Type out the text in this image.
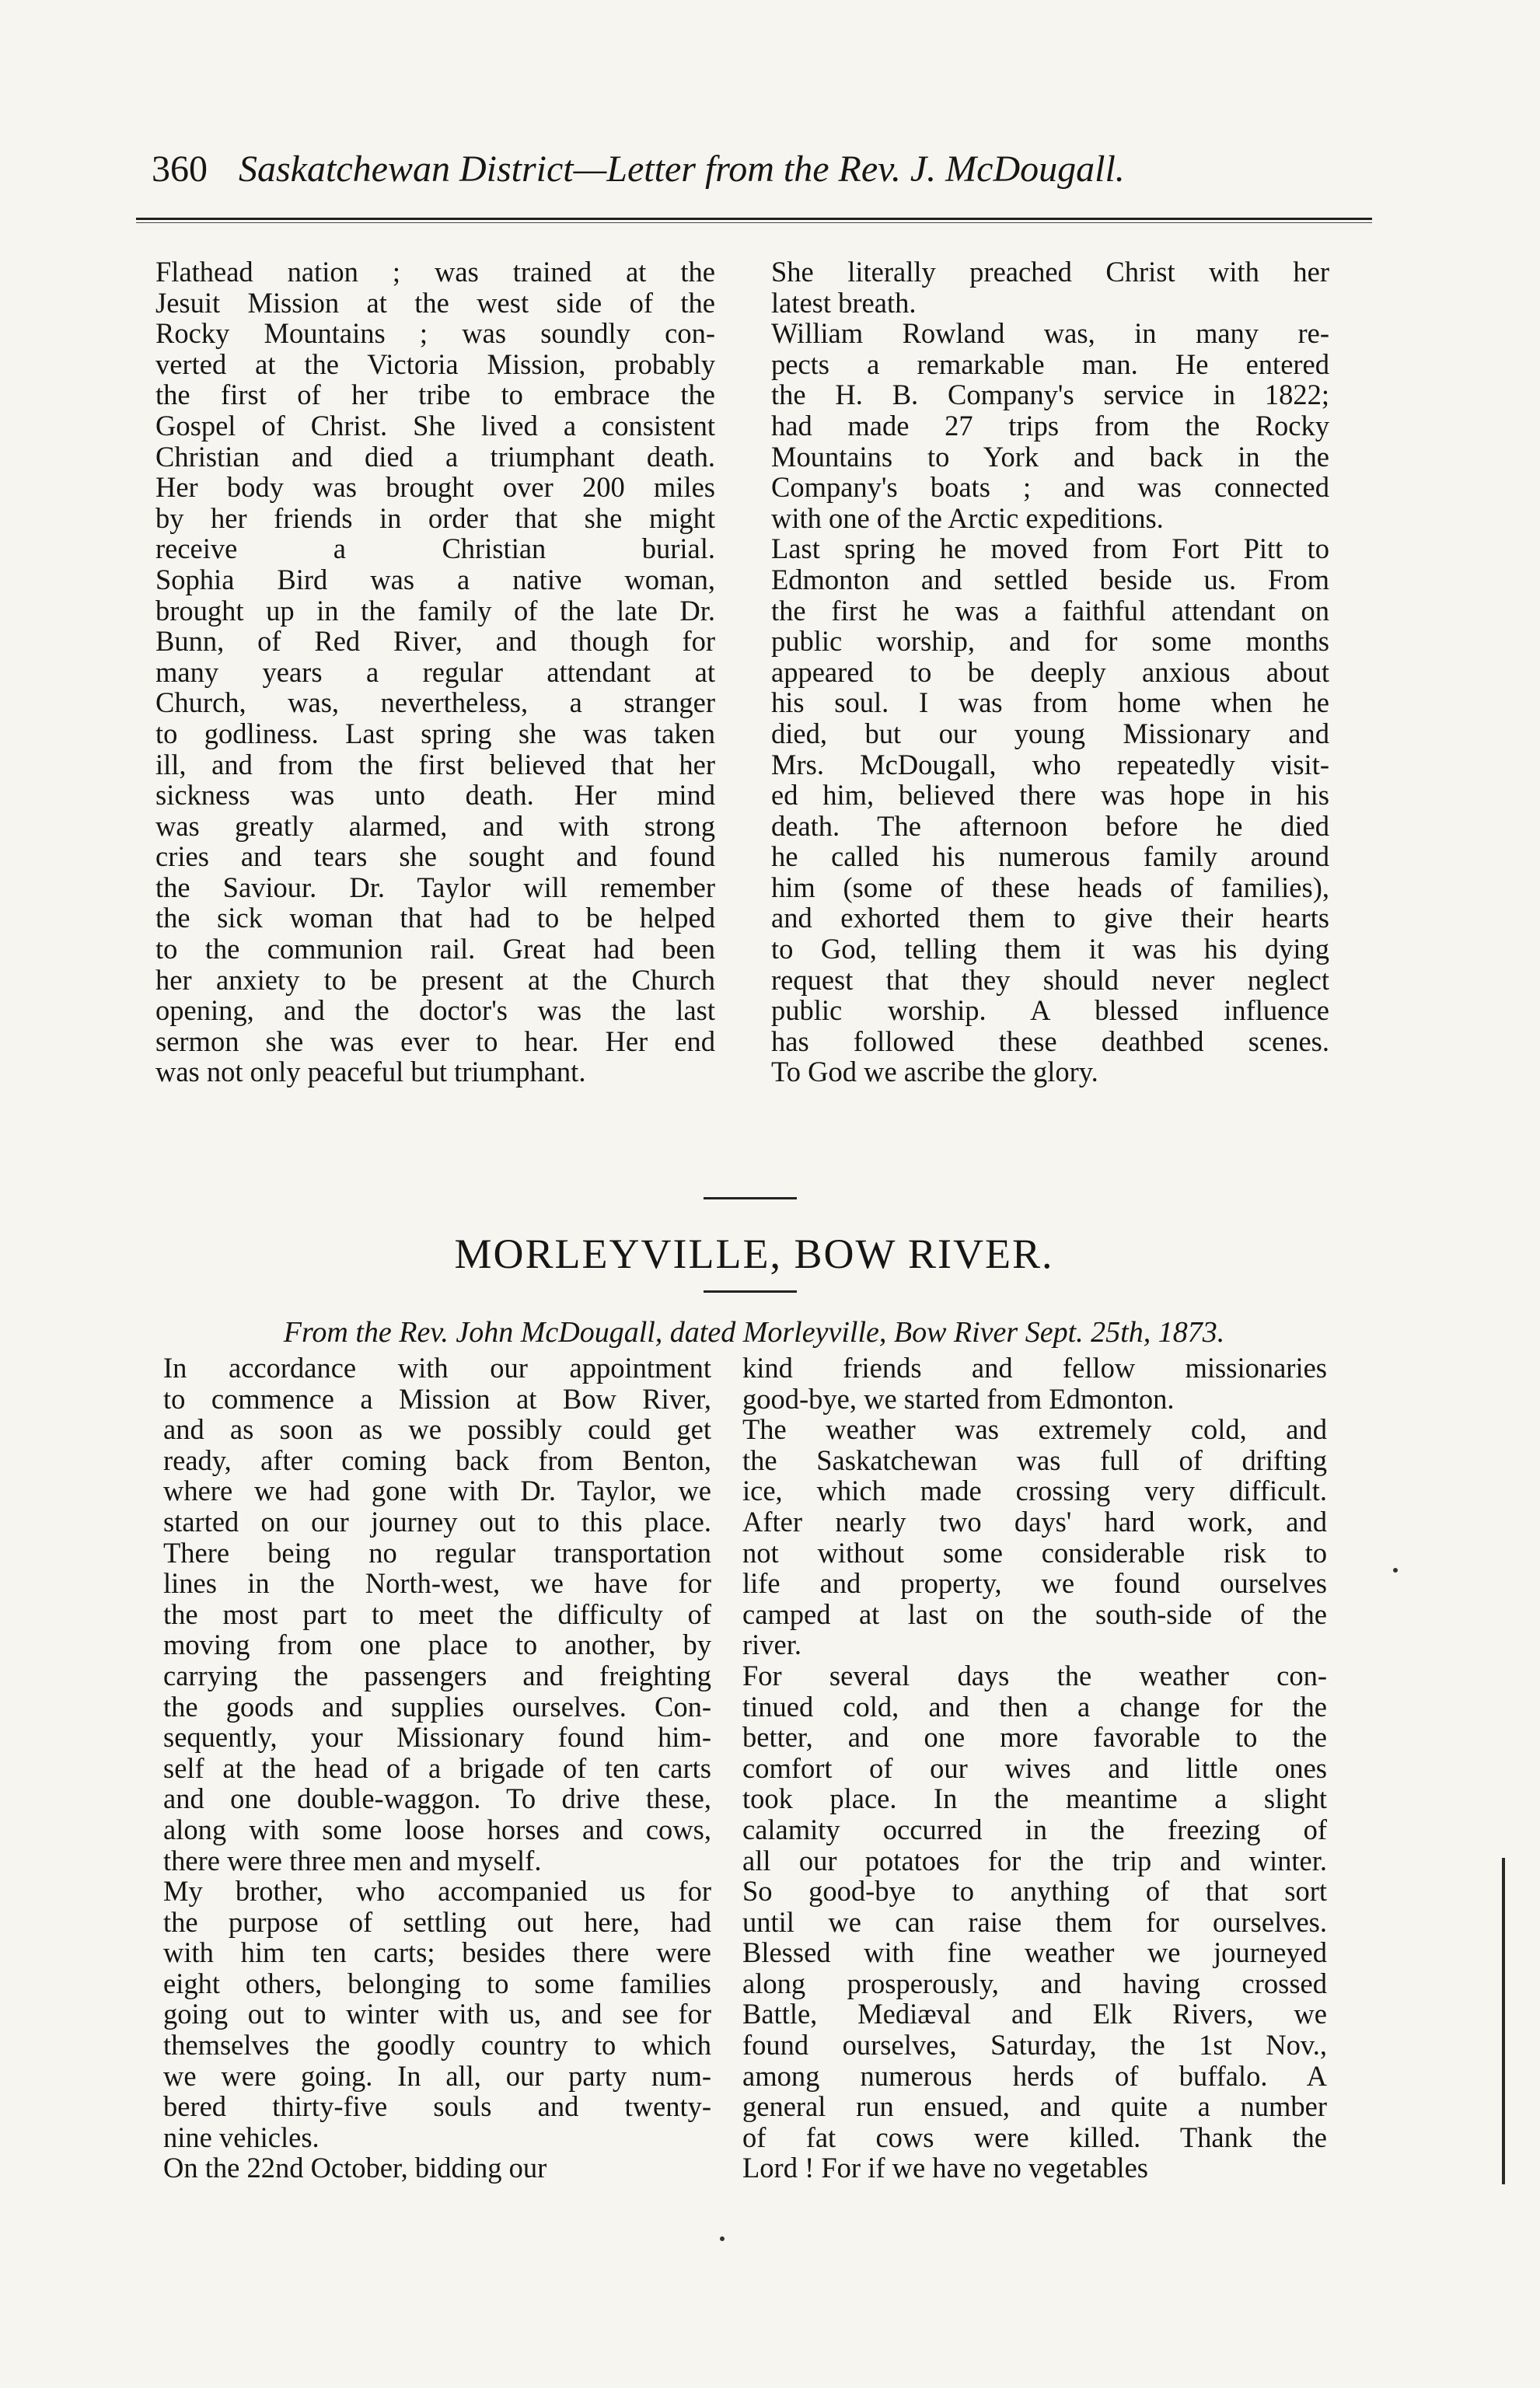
360 Saskatchewan District—Letter from the Rev. J. McDougall.
Flathead nation ; was trained at the
Jesuit Mission at the west side of the
Rocky Mountains ; was soundly con-
verted at the Victoria Mission, probably
the first of her tribe to embrace the
Gospel of Christ. She lived a consistent
Christian and died a triumphant death.
Her body was brought over 200 miles
by her friends in order that she might
receive a Christian burial.
Sophia Bird was a native woman,
brought up in the family of the late Dr.
Bunn, of Red River, and though for
many years a regular attendant at
Church, was, nevertheless, a stranger
to godliness. Last spring she was taken
ill, and from the first believed that her
sickness was unto death. Her mind
was greatly alarmed, and with strong
cries and tears she sought and found
the Saviour. Dr. Taylor will remember
the sick woman that had to be helped
to the communion rail. Great had been
her anxiety to be present at the Church
opening, and the doctor's was the last
sermon she was ever to hear. Her end
was not only peaceful but triumphant.
She literally preached Christ with her
latest breath.
William Rowland was, in many re-
pects a remarkable man. He entered
the H. B. Company's service in 1822;
had made 27 trips from the Rocky
Mountains to York and back in the
Company's boats ; and was connected
with one of the Arctic expeditions.
Last spring he moved from Fort Pitt to
Edmonton and settled beside us. From
the first he was a faithful attendant on
public worship, and for some months
appeared to be deeply anxious about
his soul. I was from home when he
died, but our young Missionary and
Mrs. McDougall, who repeatedly visit-
ed him, believed there was hope in his
death. The afternoon before he died
he called his numerous family around
him (some of these heads of families),
and exhorted them to give their hearts
to God, telling them it was his dying
request that they should never neglect
public worship. A blessed influence
has followed these deathbed scenes.
To God we ascribe the glory.
MORLEYVILLE, BOW RIVER.
From the Rev. John McDougall, dated Morleyville, Bow River Sept. 25th, 1873.
In accordance with our appointment
to commence a Mission at Bow River,
and as soon as we possibly could get
ready, after coming back from Benton,
where we had gone with Dr. Taylor, we
started on our journey out to this place.
There being no regular transportation
lines in the North-west, we have for
the most part to meet the difficulty of
moving from one place to another, by
carrying the passengers and freighting
the goods and supplies ourselves. Con-
sequently, your Missionary found him-
self at the head of a brigade of ten carts
and one double-waggon. To drive these,
along with some loose horses and cows,
there were three men and myself.
My brother, who accompanied us for
the purpose of settling out here, had
with him ten carts; besides there were
eight others, belonging to some families
going out to winter with us, and see for
themselves the goodly country to which
we were going. In all, our party num-
bered thirty-five souls and twenty-
nine vehicles.
On the 22nd October, bidding our
kind friends and fellow missionaries
good-bye, we started from Edmonton.
The weather was extremely cold, and
the Saskatchewan was full of drifting
ice, which made crossing very difficult.
After nearly two days' hard work, and
not without some considerable risk to
life and property, we found ourselves
camped at last on the south-side of the
river.
For several days the weather con-
tinued cold, and then a change for the
better, and one more favorable to the
comfort of our wives and little ones
took place. In the meantime a slight
calamity occurred in the freezing of
all our potatoes for the trip and winter.
So good-bye to anything of that sort
until we can raise them for ourselves.
Blessed with fine weather we journeyed
along prosperously, and having crossed
Battle, Mediæval and Elk Rivers, we
found ourselves, Saturday, the 1st Nov.,
among numerous herds of buffalo. A
general run ensued, and quite a number
of fat cows were killed. Thank the
Lord ! For if we have no vegetables
